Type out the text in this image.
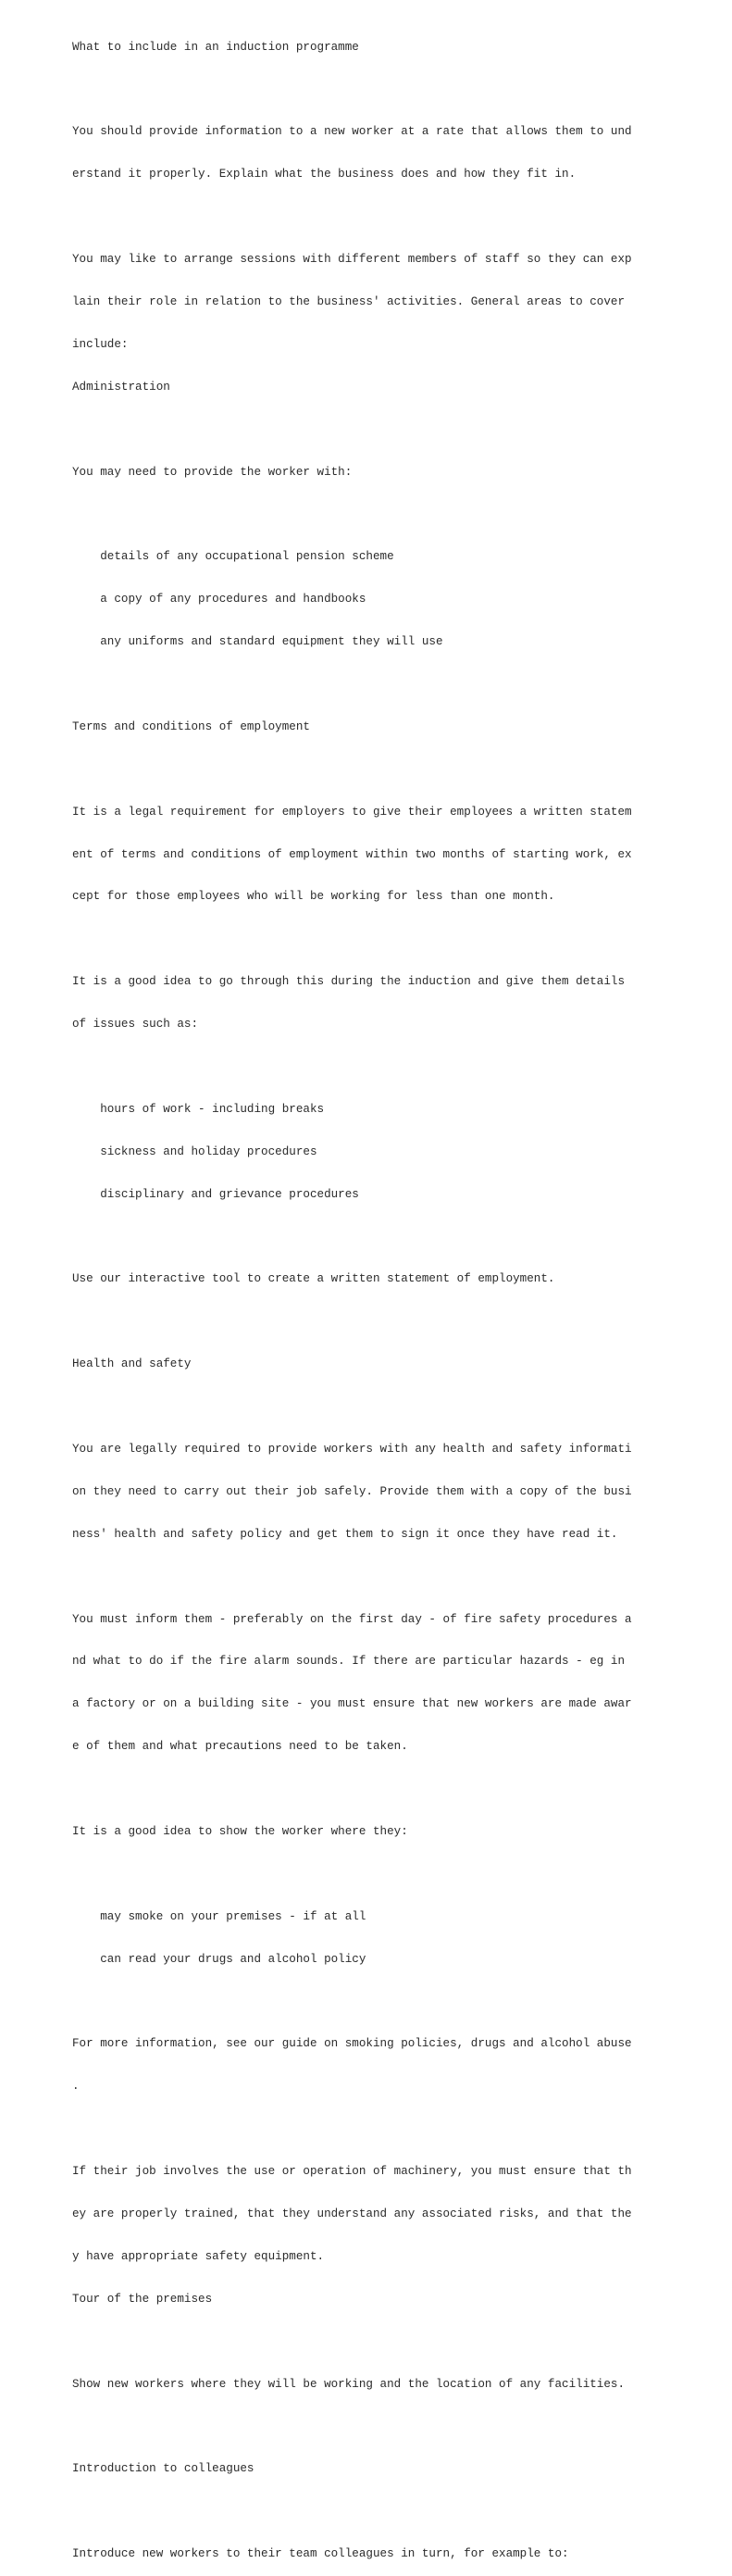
What to include in an induction programme

You should provide information to a new worker at a rate that allows them to und

erstand it properly. Explain what the business does and how they fit in.

You may like to arrange sessions with different members of staff so they can exp

lain their role in relation to the business' activities. General areas to cover

include:

Administration

You may need to provide the worker with:

details of any occupational pension scheme

a copy of any procedures and handbooks

any uniforms and standard equipment they will use

Terms and conditions of employment

It is a legal requirement for employers to give their employees a written statem

ent of terms and conditions of employment within two months of starting work, ex

cept for those employees who will be working for less than one month.

It is a good idea to go through this during the induction and give them details

of issues such as:

hours of work - including breaks

sickness and holiday procedures

disciplinary and grievance procedures

Use our interactive tool to create a written statement of employment.

Health and safety

You are legally required to provide workers with any health and safety informati

on they need to carry out their job safely. Provide them with a copy of the busi

ness' health and safety policy and get them to sign it once they have read it.

You must inform them - preferably on the first day - of fire safety procedures a

nd what to do if the fire alarm sounds. If there are particular hazards - eg in

a factory or on a building site - you must ensure that new workers are made awar

e of them and what precautions need to be taken.

It is a good idea to show the worker where they:

may smoke on your premises - if at all

can read your drugs and alcohol policy

For more information, see our guide on smoking policies, drugs and alcohol abuse

.

If their job involves the use or operation of machinery, you must ensure that th

ey are properly trained, that they understand any associated risks, and that the

y have appropriate safety equipment.

Tour of the premises

Show new workers where they will be working and the location of any facilities.

Introduction to colleagues

Introduce new workers to their team colleagues in turn, for example to:
